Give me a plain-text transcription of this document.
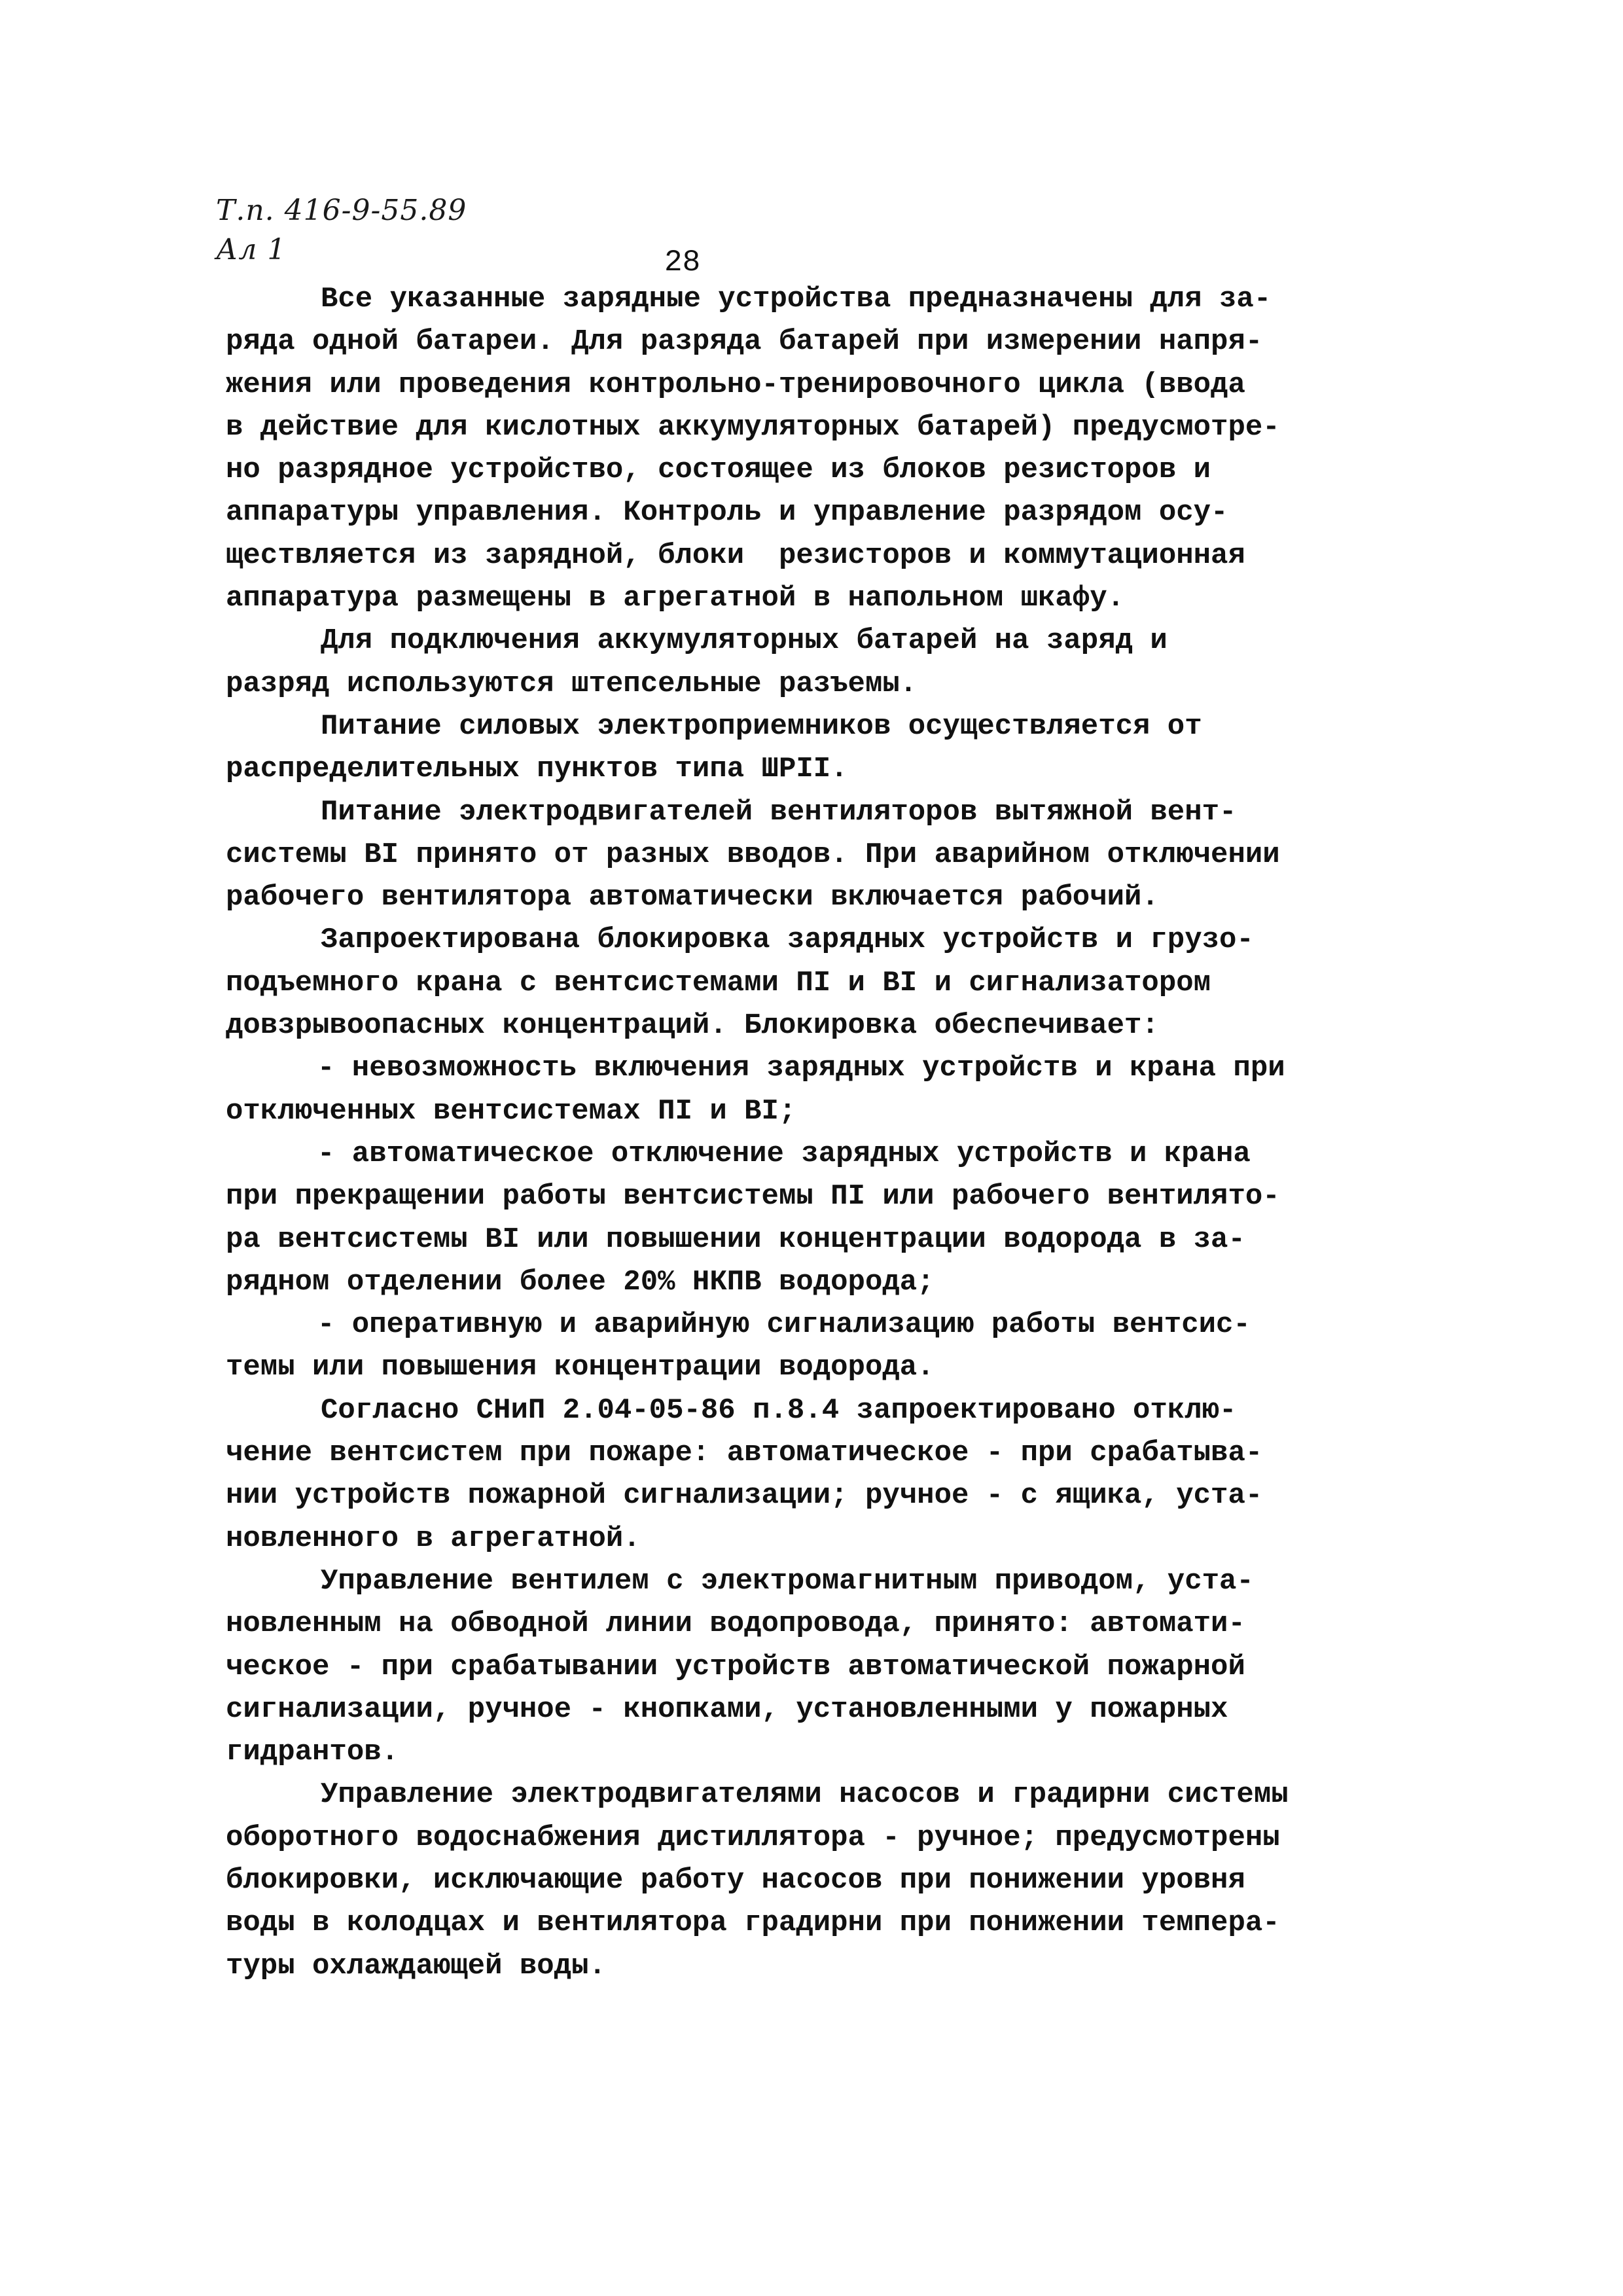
Т.п. 416-9-55.89
Ал 1	28
Все указанные зарядные устройства предназначены для за-
ряда одной батареи. Для разряда батарей при измерении напря-
жения или проведения контрольно-тренировочного цикла (ввода
в действие для кислотных аккумуляторных батарей) предусмотре-
но разрядное устройство, состоящее из блоков резисторов и
аппаратуры управления. Контроль и управление разрядом осу-
ществляется из зарядной, блоки  резисторов и коммутационная
аппаратура размещены в агрегатной в напольном шкафу.
Для подключения аккумуляторных батарей на заряд и
разряд используются штепсельные разъемы.
Питание силовых электроприемников осуществляется от
распределительных пунктов типа ШРII.
Питание электродвигателей вентиляторов вытяжной вент-
системы BI принято от разных вводов. При аварийном отключении
рабочего вентилятора автоматически включается рабочий.
Запроектирована блокировка зарядных устройств и грузо-
подъемного крана с вентсистемами ПI и BI и сигнализатором
довзрывоопасных концентраций. Блокировка обеспечивает:
- невозможность включения зарядных устройств и крана при
отключенных вентсистемах ПI и BI;
- автоматическое отключение зарядных устройств и крана
при прекращении работы вентсистемы ПI или рабочего вентилято-
ра вентсистемы BI или повышении концентрации водорода в за-
рядном отделении более 20% НКПВ водорода;
- оперативную и аварийную сигнализацию работы вентсис-
темы или повышения концентрации водорода.
Согласно СНиП 2.04-05-86 п.8.4 запроектировано отклю-
чение вентсистем при пожаре: автоматическое - при срабатыва-
нии устройств пожарной сигнализации; ручное - с ящика, уста-
новленного в агрегатной.
Управление вентилем с электромагнитным приводом, уста-
новленным на обводной линии водопровода, принято: автомати-
ческое - при срабатывании устройств автоматической пожарной
сигнализации, ручное - кнопками, установленными у пожарных
гидрантов.
Управление электродвигателями насосов и градирни системы
оборотного водоснабжения дистиллятора - ручное; предусмотрены
блокировки, исключающие работу насосов при понижении уровня
воды в колодцах и вентилятора градирни при понижении темпера-
туры охлаждающей воды.
